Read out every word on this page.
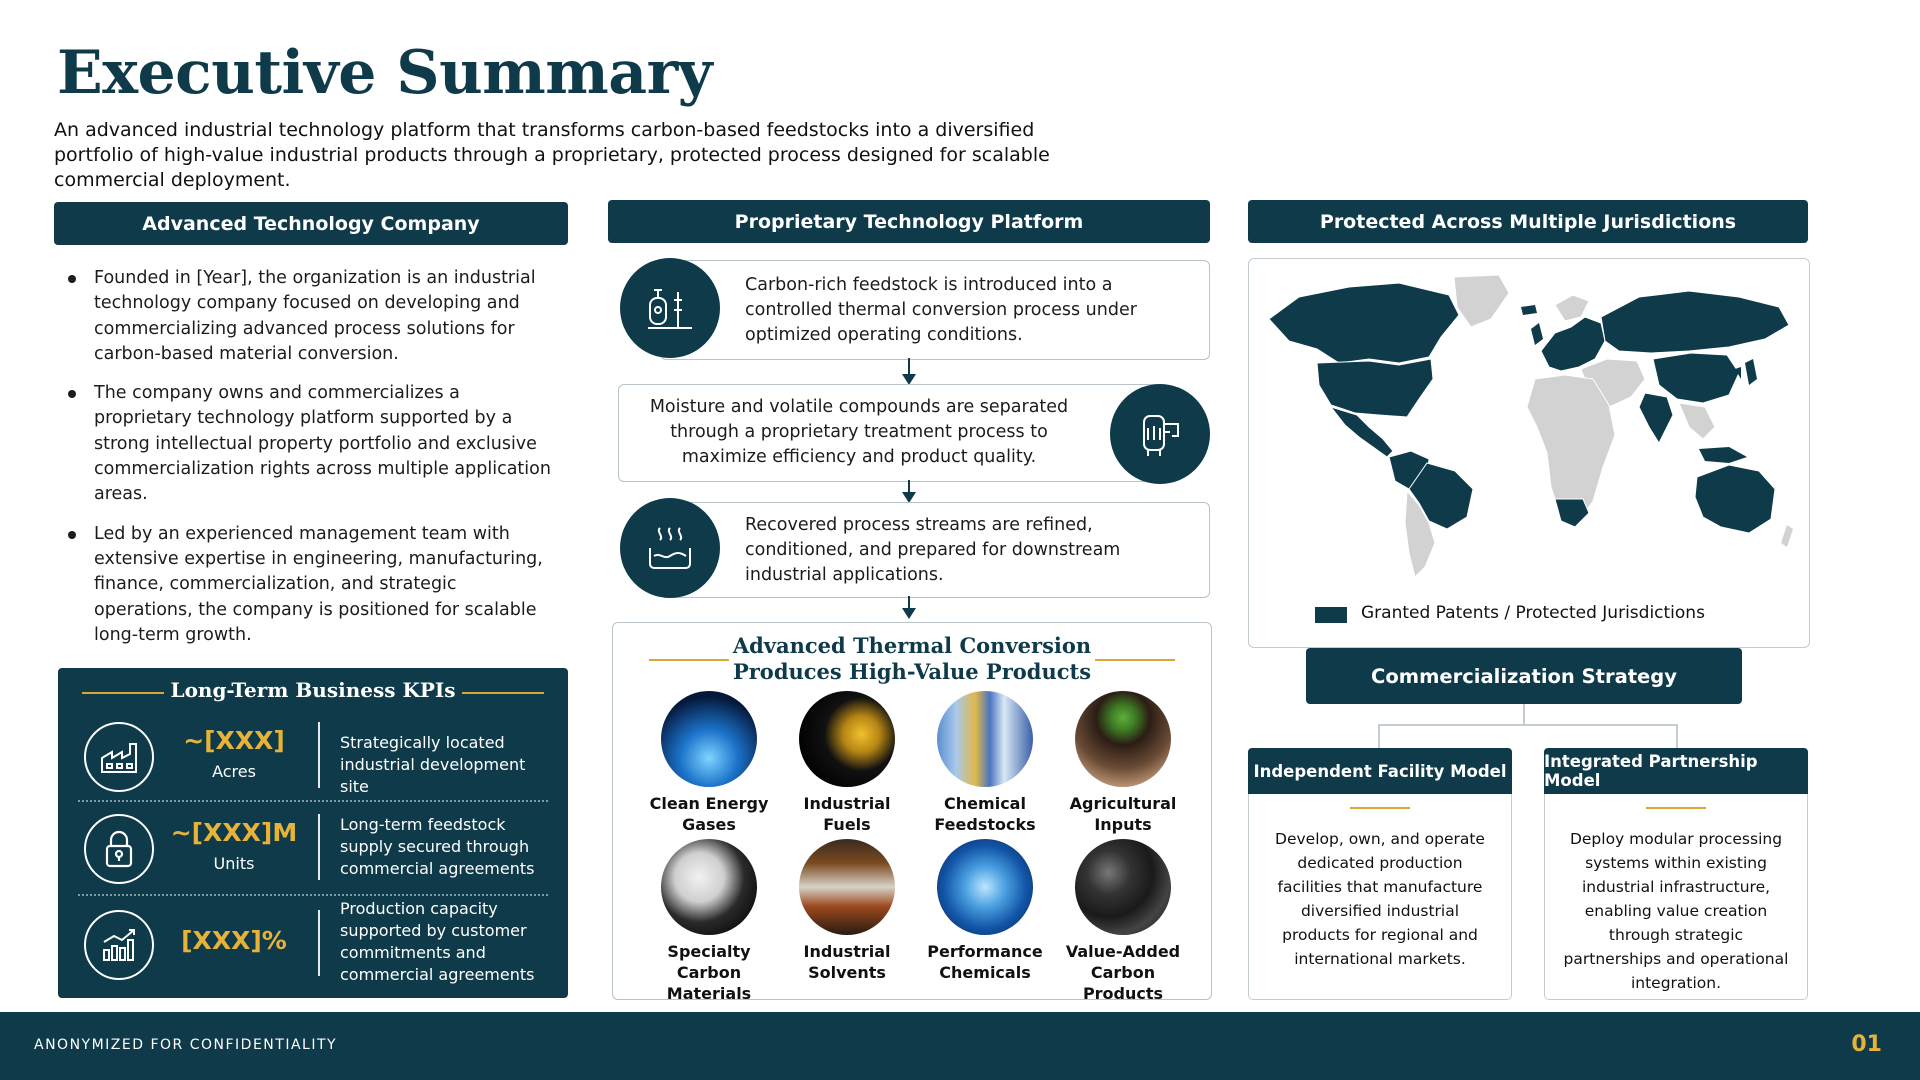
Executive Summary

An advanced industrial technology platform that transforms carbon-based feedstocks into a diversified portfolio of high-value industrial products through a proprietary, protected process designed for scalable commercial deployment.

Advanced Technology Company
Founded in [Year], the organization is an industrial technology company focused on developing and commercializing advanced process solutions for carbon-based material conversion.
The company owns and commercializes a proprietary technology platform supported by a strong intellectual property portfolio and exclusive commercialization rights across multiple application areas.
Led by an experienced management team with extensive expertise in engineering, manufacturing, finance, commercialization, and strategic operations, the company is positioned for scalable long-term growth.
Long-Term Business KPIs
~[XXX]
Acres
Strategically located industrial development site
~[XXX]M
Units
Long-term feedstock supply secured through commercial agreements
[XXX]%
Production capacity supported by customer commitments and commercial agreements
Proprietary Technology Platform
Carbon-rich feedstock is introduced into a controlled thermal conversion process under optimized operating conditions.
Moisture and volatile compounds are separated through a proprietary treatment process to maximize efficiency and product quality.
Recovered process streams are refined, conditioned, and prepared for downstream industrial applications.
Advanced Thermal Conversion
Produces High-Value Products
Clean Energy
Gases
Industrial
Fuels
Chemical
Feedstocks
Agricultural
Inputs
Specialty
Carbon Materials
Industrial
Solvents
Performance
Chemicals
Value-Added
Carbon Products
Protected Across Multiple Jurisdictions
Granted Patents / Protected Jurisdictions
Commercialization Strategy
Independent Facility Model
Develop, own, and operate dedicated production facilities that manufacture diversified industrial products for regional and international markets.
Integrated Partnership Model
Deploy modular processing systems within existing industrial infrastructure, enabling value creation through strategic partnerships and operational integration.
ANONYMIZED FOR CONFIDENTIALITY	01
